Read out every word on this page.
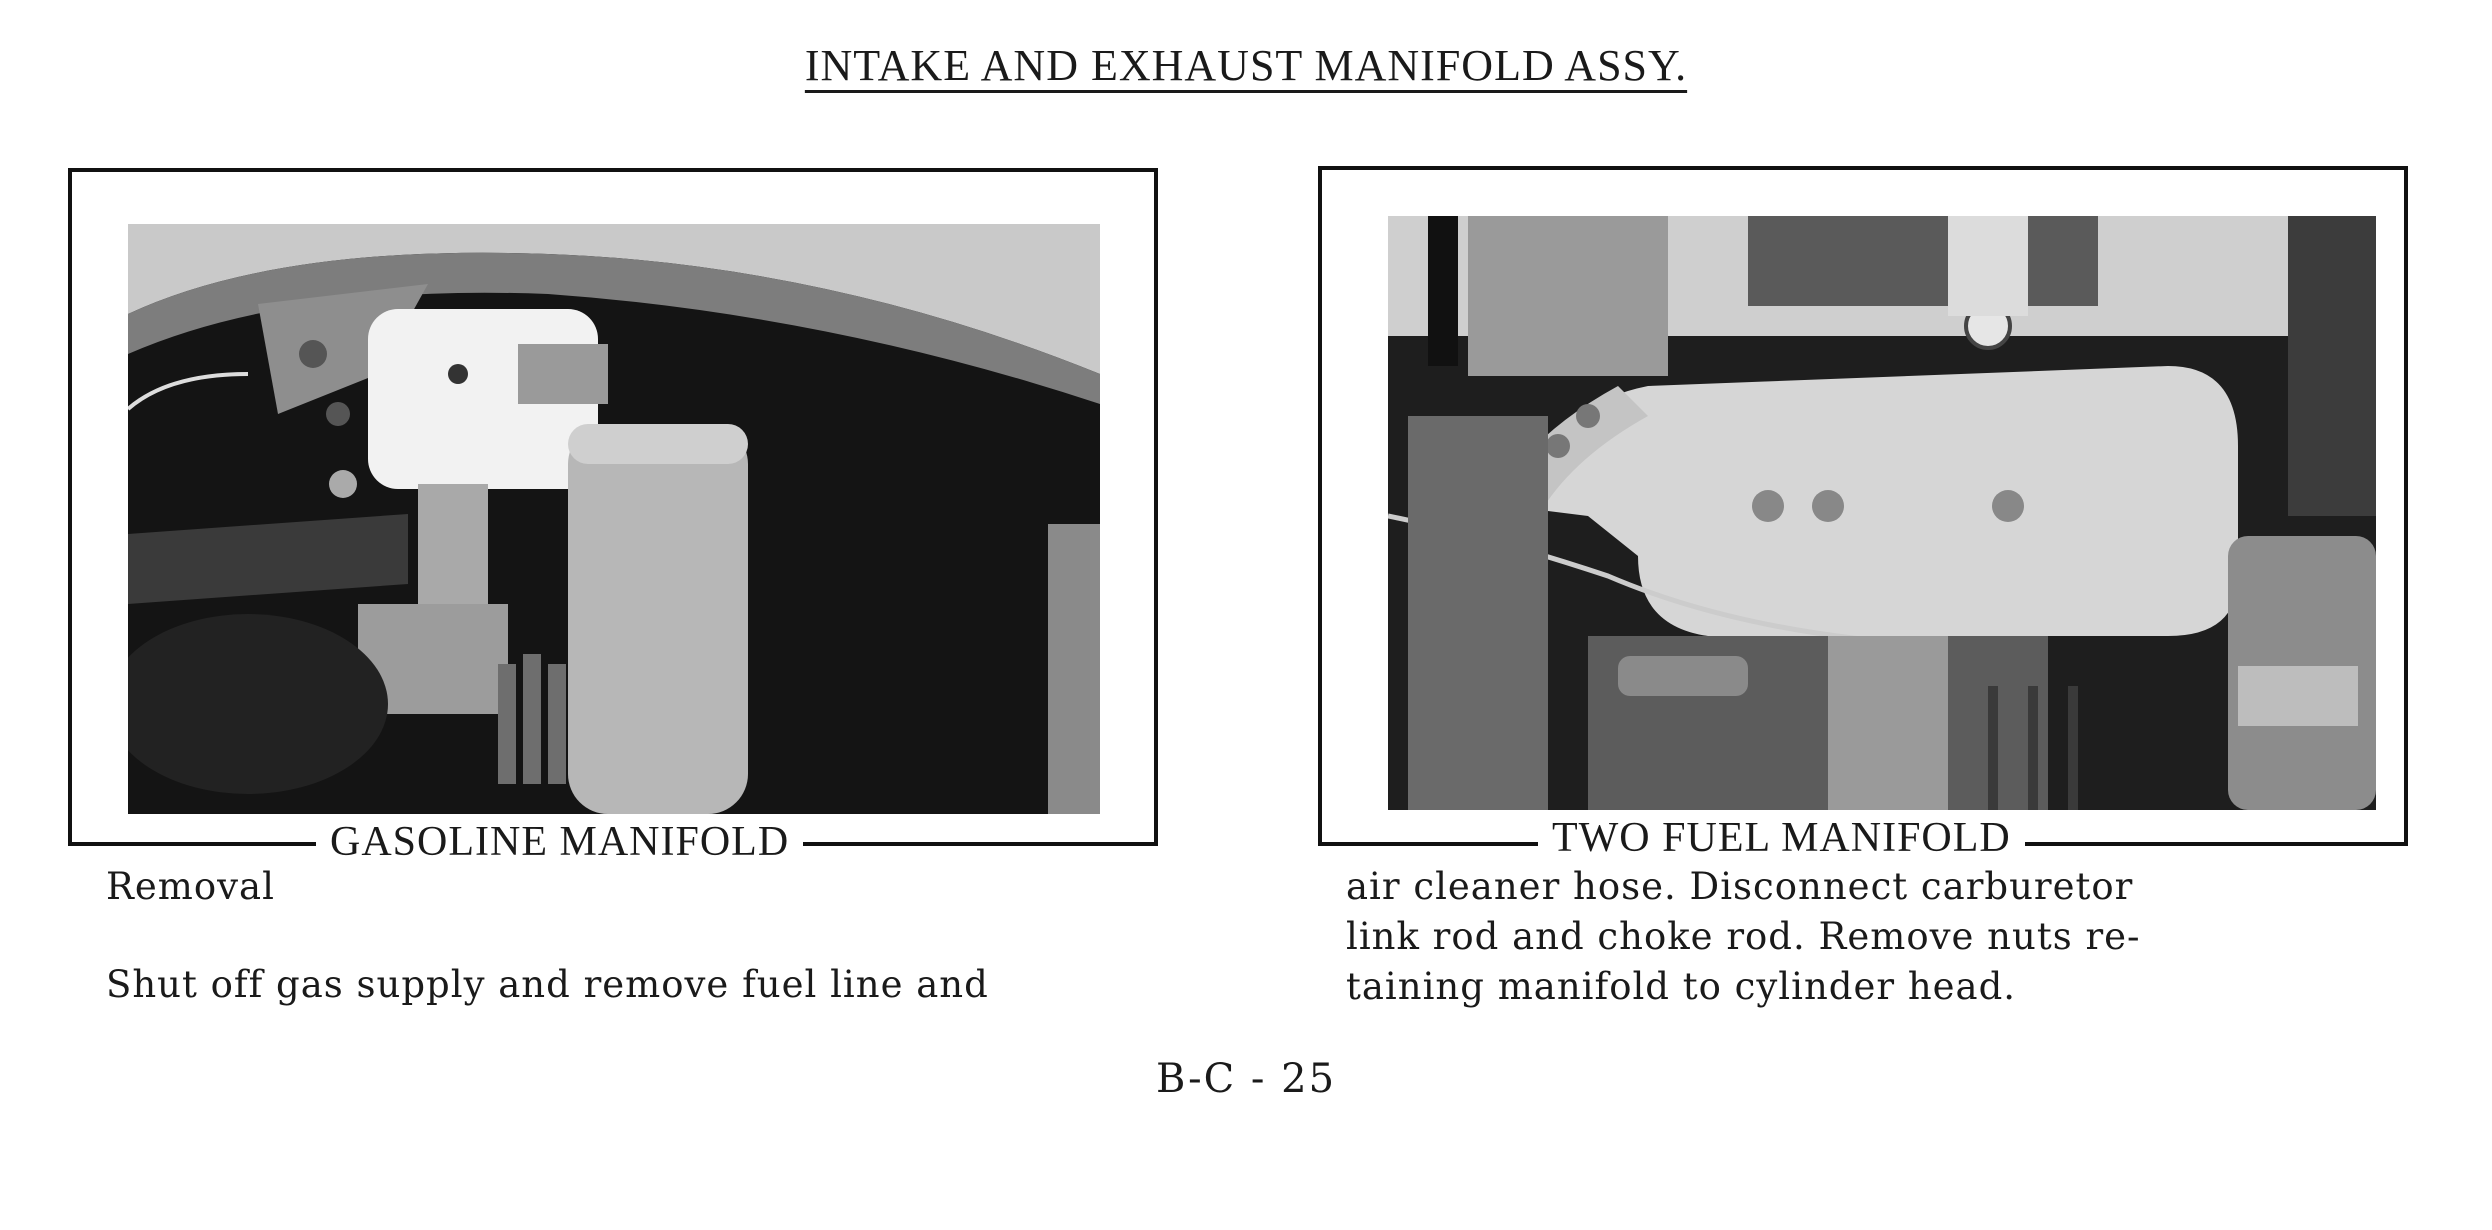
INTAKE AND EXHAUST MANIFOLD ASSY.
GASOLINE MANIFOLD	TWO FUEL MANIFOLD
Removal
Shut off gas supply and remove fuel line and
air cleaner hose. Disconnect carburetor
link rod and choke rod. Remove nuts re-
taining manifold to cylinder head.
B-C - 25
